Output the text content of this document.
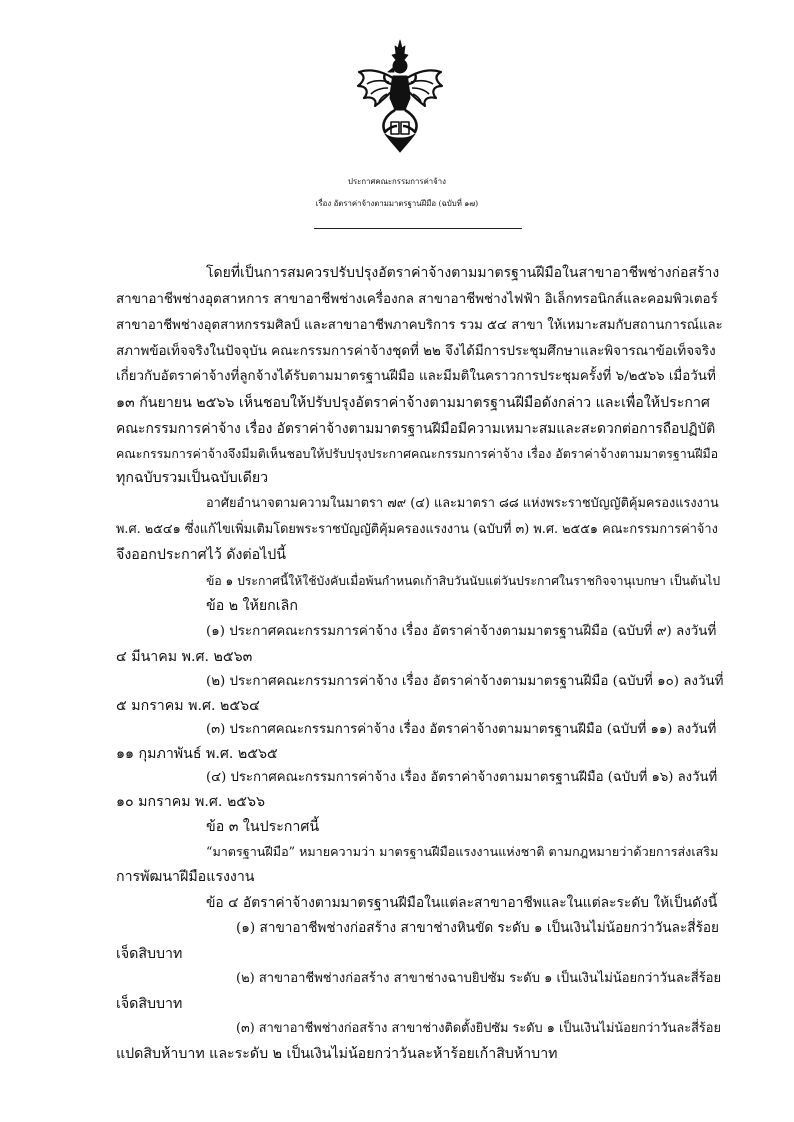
ประกาศคณะกรรมการค่าจ้าง
เรื่อง อัตราค่าจ้างตามมาตรฐานฝีมือ (ฉบับที่ ๑๗)
โดยที่เป็นการสมควรปรับปรุงอัตราค่าจ้างตามมาตรฐานฝีมือในสาขาอาชีพช่างก่อสร้าง
สาขาอาชีพช่างอุตสาหการ สาขาอาชีพช่างเครื่องกล สาขาอาชีพช่างไฟฟ้า อิเล็กทรอนิกส์และคอมพิวเตอร์
สาขาอาชีพช่างอุตสาหกรรมศิลป์ และสาขาอาชีพภาคบริการ รวม ๕๔ สาขา ให้เหมาะสมกับสถานการณ์และ
สภาพข้อเท็จจริงในปัจจุบัน คณะกรรมการค่าจ้างชุดที่ ๒๒ จึงได้มีการประชุมศึกษาและพิจารณาข้อเท็จจริง
เกี่ยวกับอัตราค่าจ้างที่ลูกจ้างได้รับตามมาตรฐานฝีมือ และมีมติในคราวการประชุมครั้งที่ ๖/๒๕๖๖ เมื่อวันที่
๑๓ กันยายน ๒๕๖๖ เห็นชอบให้ปรับปรุงอัตราค่าจ้างตามมาตรฐานฝีมือดังกล่าว และเพื่อให้ประกาศ
คณะกรรมการค่าจ้าง เรื่อง อัตราค่าจ้างตามมาตรฐานฝีมือมีความเหมาะสมและสะดวกต่อการถือปฏิบัติ
คณะกรรมการค่าจ้างจึงมีมติเห็นชอบให้ปรับปรุงประกาศคณะกรรมการค่าจ้าง เรื่อง อัตราค่าจ้างตามมาตรฐานฝีมือ
ทุกฉบับรวมเป็นฉบับเดียว
อาศัยอำนาจตามความในมาตรา ๗๙ (๔) และมาตรา ๘๘ แห่งพระราชบัญญัติคุ้มครองแรงงาน
พ.ศ. ๒๕๔๑ ซึ่งแก้ไขเพิ่มเติมโดยพระราชบัญญัติคุ้มครองแรงงาน (ฉบับที่ ๓) พ.ศ. ๒๕๕๑ คณะกรรมการค่าจ้าง
จึงออกประกาศไว้ ดังต่อไปนี้
ข้อ ๑ ประกาศนี้ให้ใช้บังคับเมื่อพ้นกำหนดเก้าสิบวันนับแต่วันประกาศในราชกิจจานุเบกษา เป็นต้นไป
ข้อ ๒ ให้ยกเลิก
(๑) ประกาศคณะกรรมการค่าจ้าง เรื่อง อัตราค่าจ้างตามมาตรฐานฝีมือ (ฉบับที่ ๙) ลงวันที่
๔ มีนาคม พ.ศ. ๒๕๖๓
(๒) ประกาศคณะกรรมการค่าจ้าง เรื่อง อัตราค่าจ้างตามมาตรฐานฝีมือ (ฉบับที่ ๑๐) ลงวันที่
๕ มกราคม พ.ศ. ๒๕๖๔
(๓) ประกาศคณะกรรมการค่าจ้าง เรื่อง อัตราค่าจ้างตามมาตรฐานฝีมือ (ฉบับที่ ๑๑) ลงวันที่
๑๑ กุมภาพันธ์ พ.ศ. ๒๕๖๕
(๔) ประกาศคณะกรรมการค่าจ้าง เรื่อง อัตราค่าจ้างตามมาตรฐานฝีมือ (ฉบับที่ ๑๖) ลงวันที่
๑๐ มกราคม พ.ศ. ๒๕๖๖
ข้อ ๓ ในประกาศนี้
“มาตรฐานฝีมือ” หมายความว่า มาตรฐานฝีมือแรงงานแห่งชาติ ตามกฎหมายว่าด้วยการส่งเสริม
การพัฒนาฝีมือแรงงาน
ข้อ ๔ อัตราค่าจ้างตามมาตรฐานฝีมือในแต่ละสาขาอาชีพและในแต่ละระดับ ให้เป็นดังนี้
(๑) สาขาอาชีพช่างก่อสร้าง สาขาช่างหินขัด ระดับ ๑ เป็นเงินไม่น้อยกว่าวันละสี่ร้อย
เจ็ดสิบบาท
(๒) สาขาอาชีพช่างก่อสร้าง สาขาช่างฉาบยิปซัม ระดับ ๑ เป็นเงินไม่น้อยกว่าวันละสี่ร้อย
เจ็ดสิบบาท
(๓) สาขาอาชีพช่างก่อสร้าง สาขาช่างติดตั้งยิปซัม ระดับ ๑ เป็นเงินไม่น้อยกว่าวันละสี่ร้อย
แปดสิบห้าบาท และระดับ ๒ เป็นเงินไม่น้อยกว่าวันละห้าร้อยเก้าสิบห้าบาท
